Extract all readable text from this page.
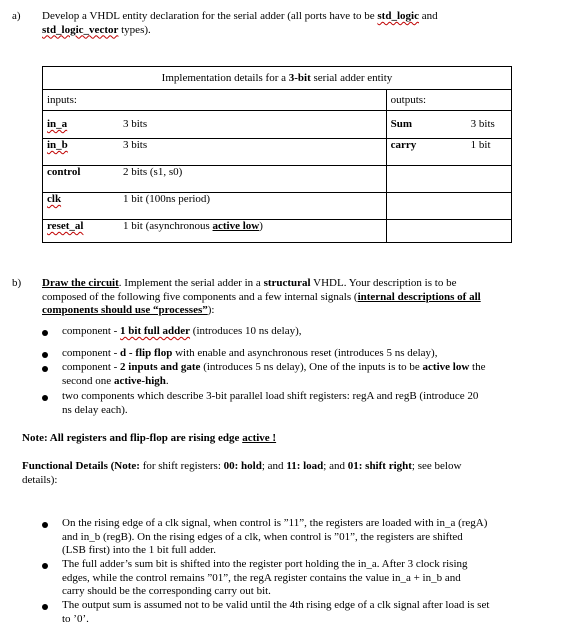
a) Develop a VHDL entity declaration for the serial adder (all ports have to be std_logic and
std_logic_vector types).
Implementation details for a 3-bit serial adder entity			
inputs:		outputs:	
in_a	3 bits	Sum	3 bits
in_b	3 bits	carry	1 bit
control	2 bits (s1, s0)		
clk	1 bit (100ns period)		
reset_al	1 bit (asynchronous active low)		
b) Draw the circuit. Implement the serial adder in a structural VHDL. Your description is to be
composed of the following five components and a few internal signals (internal descriptions of all
components should use “processes”):
component - 1 bit full adder (introduces 10 ns delay),
component - d - flip flop with enable and asynchronous reset (introduces 5 ns delay),
component - 2 inputs and gate (introduces 5 ns delay), One of the inputs is to be active low the
second one active-high.
two components which describe 3-bit parallel load shift registers: regA and regB (introduce 20
ns delay each).
Note: All registers and flip-flop are rising edge active !
Functional Details (Note: for shift registers: 00: hold; and 11: load; and 01: shift right; see below
details):
On the rising edge of a clk signal, when control is ”11”, the registers are loaded with in_a (regA)
and in_b (regB). On the rising edges of a clk, when control is ”01”, the registers are shifted
(LSB first) into the 1 bit full adder.
The full adder’s sum bit is shifted into the register port holding the in_a. After 3 clock rising
edges, while the control remains ”01”, the regA register contains the value in_a + in_b and
carry should be the corresponding carry out bit.
The output sum is assumed not to be valid until the 4th rising edge of a clk signal after load is set
to ’0’.
